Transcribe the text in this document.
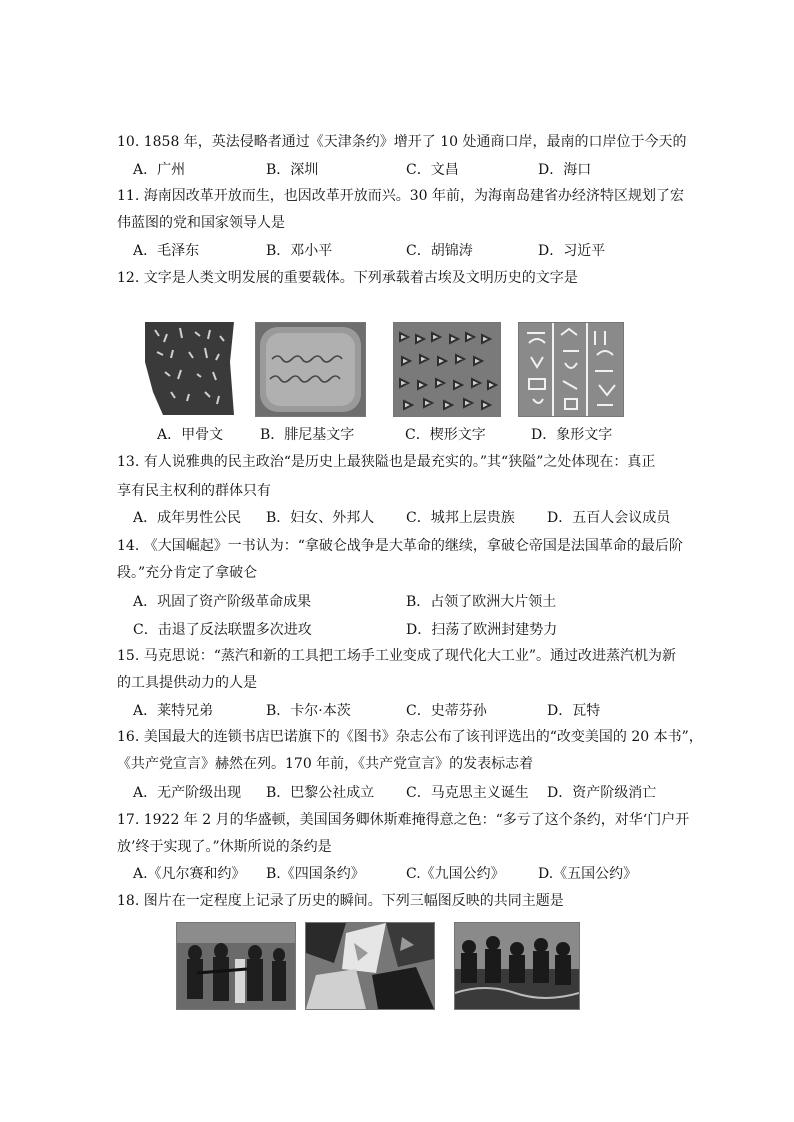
10. 1858 年，英法侵略者通过《天津条约》增开了 10 处通商口岸，最南的口岸位于今天的
A．广州	B．深圳	C．文昌	D．海口
11. 海南因改革开放而生，也因改革开放而兴。30 年前，为海南岛建省办经济特区规划了宏
伟蓝图的党和国家领导人是
A．毛泽东	B．邓小平	C．胡锦涛	D．习近平
12. 文字是人类文明发展的重要载体。下列承载着古埃及文明历史的文字是
A．甲骨文	B．腓尼基文字	C．楔形文字	D．象形文字
13. 有人说雅典的民主政治“是历史上最狭隘也是最充实的。”其“狭隘”之处体现在：真正
享有民主权利的群体只有
A．成年男性公民 B．妇女、外邦人 C．城邦上层贵族 D．五百人会议成员
14. 《大国崛起》一书认为：“拿破仑战争是大革命的继续，拿破仑帝国是法国革命的最后阶
段。”充分肯定了拿破仑
A．巩固了资产阶级革命成果	B．占领了欧洲大片领土
C．击退了反法联盟多次进攻	D．扫荡了欧洲封建势力
15. 马克思说：“蒸汽和新的工具把工场手工业变成了现代化大工业”。通过改进蒸汽机为新
的工具提供动力的人是
A．莱特兄弟	B．卡尔·本茨	C．史蒂芬孙	D．瓦特
16. 美国最大的连锁书店巴诺旗下的《图书》杂志公布了该刊评选出的“改变美国的 20 本书”，
《共产党宣言》赫然在列。170 年前，《共产党宣言》的发表标志着
A．无产阶级出现 B．巴黎公社成立 C．马克思主义诞生 D．资产阶级消亡
17. 1922 年 2 月的华盛顿，美国国务卿休斯难掩得意之色：“多亏了这个条约，对华‘门户开
放’终于实现了。”休斯所说的条约是
A.《凡尔赛和约》 B.《四国条约》	C.《九国公约》 D.《五国公约》
18. 图片在一定程度上记录了历史的瞬间。下列三幅图反映的共同主题是
